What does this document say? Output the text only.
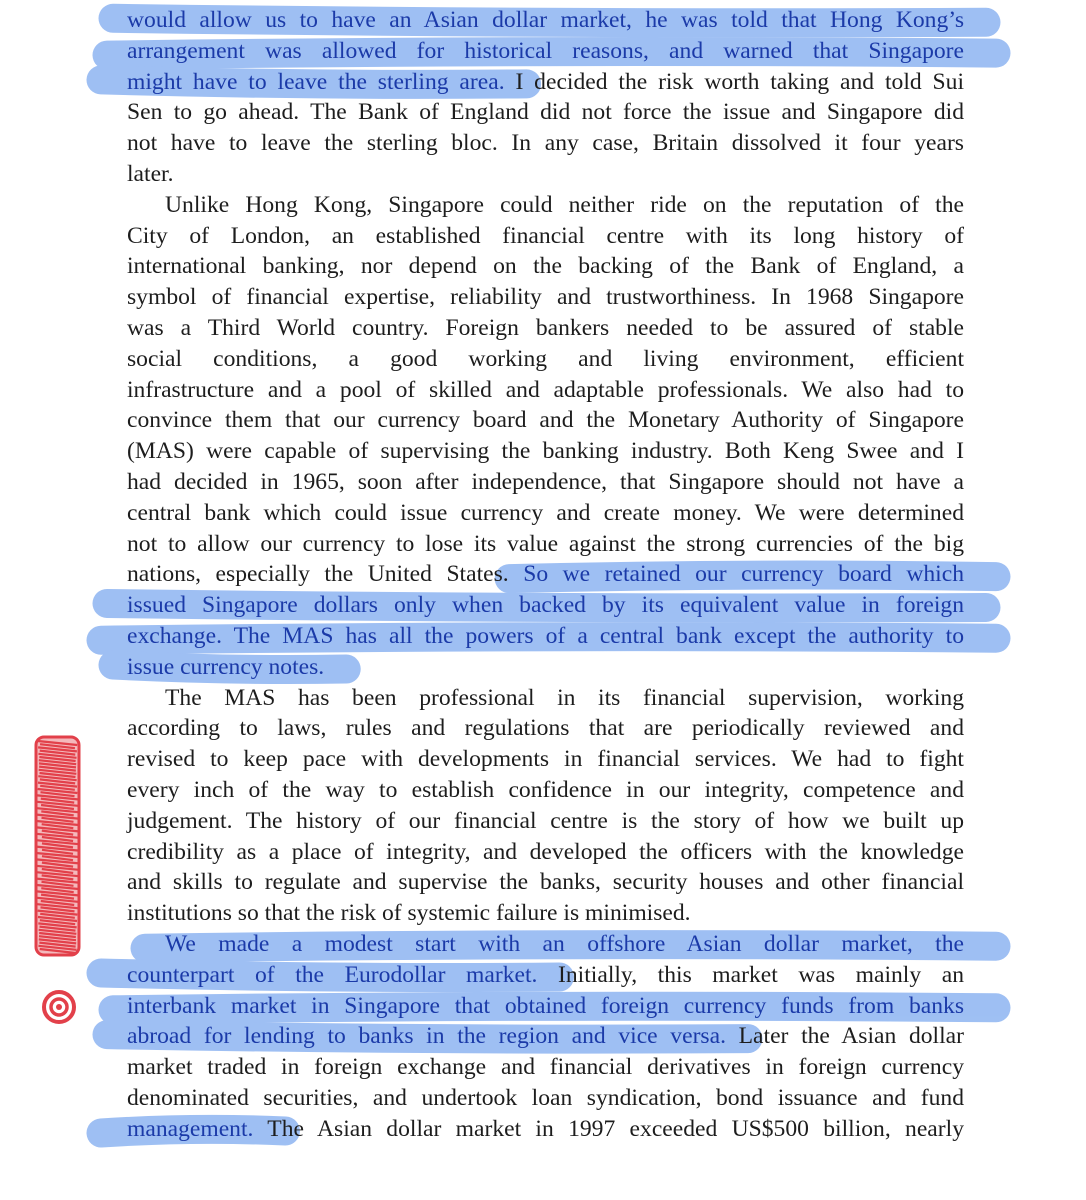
would allow us to have an Asian dollar market, he was told that Hong Kong’s
arrangement was allowed for historical reasons, and warned that Singapore
might have to leave the sterling area. I decided the risk worth taking and told Sui
Sen to go ahead. The Bank of England did not force the issue and Singapore did
not have to leave the sterling bloc. In any case, Britain dissolved it four years
later.
Unlike Hong Kong, Singapore could neither ride on the reputation of the
City of London, an established financial centre with its long history of
international banking, nor depend on the backing of the Bank of England, a
symbol of financial expertise, reliability and trustworthiness. In 1968 Singapore
was a Third World country. Foreign bankers needed to be assured of stable
social conditions, a good working and living environment, efficient
infrastructure and a pool of skilled and adaptable professionals. We also had to
convince them that our currency board and the Monetary Authority of Singapore
(MAS) were capable of supervising the banking industry. Both Keng Swee and I
had decided in 1965, soon after independence, that Singapore should not have a
central bank which could issue currency and create money. We were determined
not to allow our currency to lose its value against the strong currencies of the big
nations, especially the United States. So we retained our currency board which
issued Singapore dollars only when backed by its equivalent value in foreign
exchange. The MAS has all the powers of a central bank except the authority to
issue currency notes.
The MAS has been professional in its financial supervision, working
according to laws, rules and regulations that are periodically reviewed and
revised to keep pace with developments in financial services. We had to fight
every inch of the way to establish confidence in our integrity, competence and
judgement. The history of our financial centre is the story of how we built up
credibility as a place of integrity, and developed the officers with the knowledge
and skills to regulate and supervise the banks, security houses and other financial
institutions so that the risk of systemic failure is minimised.
We made a modest start with an offshore Asian dollar market, the
counterpart of the Eurodollar market. Initially, this market was mainly an
interbank market in Singapore that obtained foreign currency funds from banks
abroad for lending to banks in the region and vice versa. Later the Asian dollar
market traded in foreign exchange and financial derivatives in foreign currency
denominated securities, and undertook loan syndication, bond issuance and fund
management. The Asian dollar market in 1997 exceeded US$500 billion, nearly
